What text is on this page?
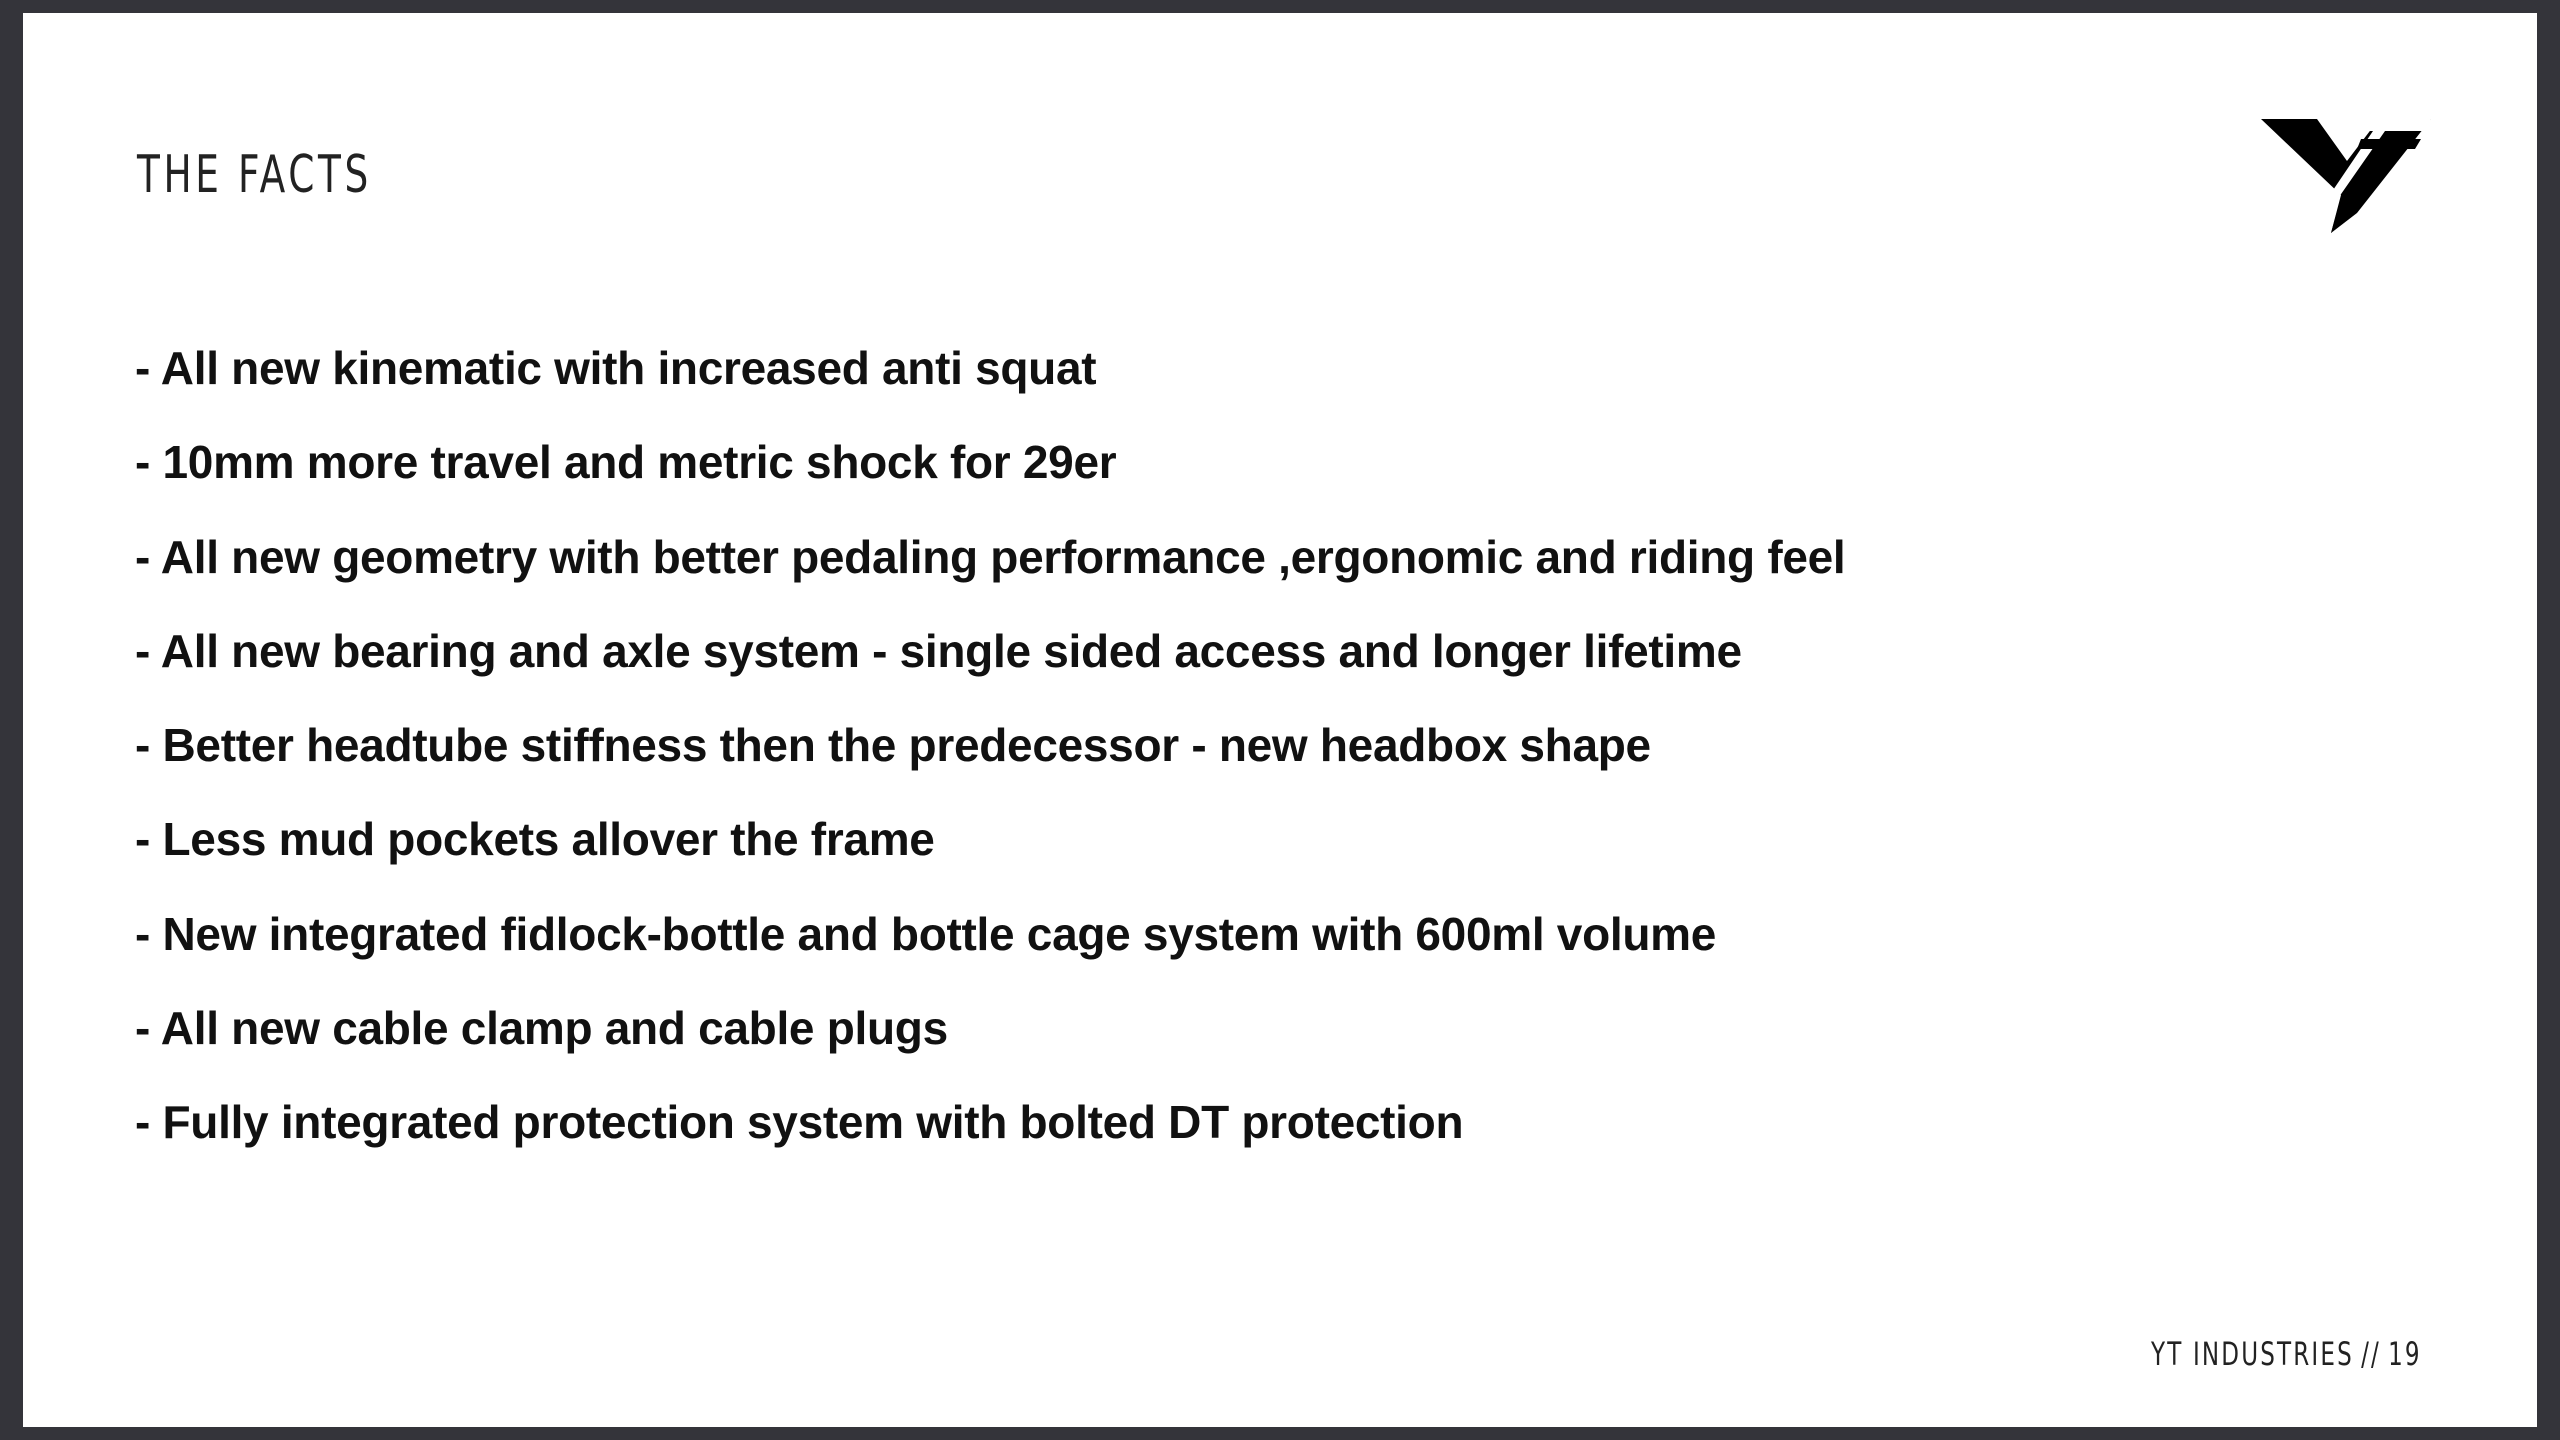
THE FACTS
- All new kinematic with increased anti squat
- 10mm more travel and metric shock for 29er
- All new geometry with better pedaling performance ,ergonomic and riding feel
- All new bearing and axle system - single sided access and longer lifetime
- Better headtube stiffness then the predecessor - new headbox shape
- Less mud pockets allover the frame
- New integrated fidlock-bottle and bottle cage system with 600ml volume
- All new cable clamp and cable plugs
- Fully integrated protection system with bolted DT protection
YT INDUSTRIES // 19
